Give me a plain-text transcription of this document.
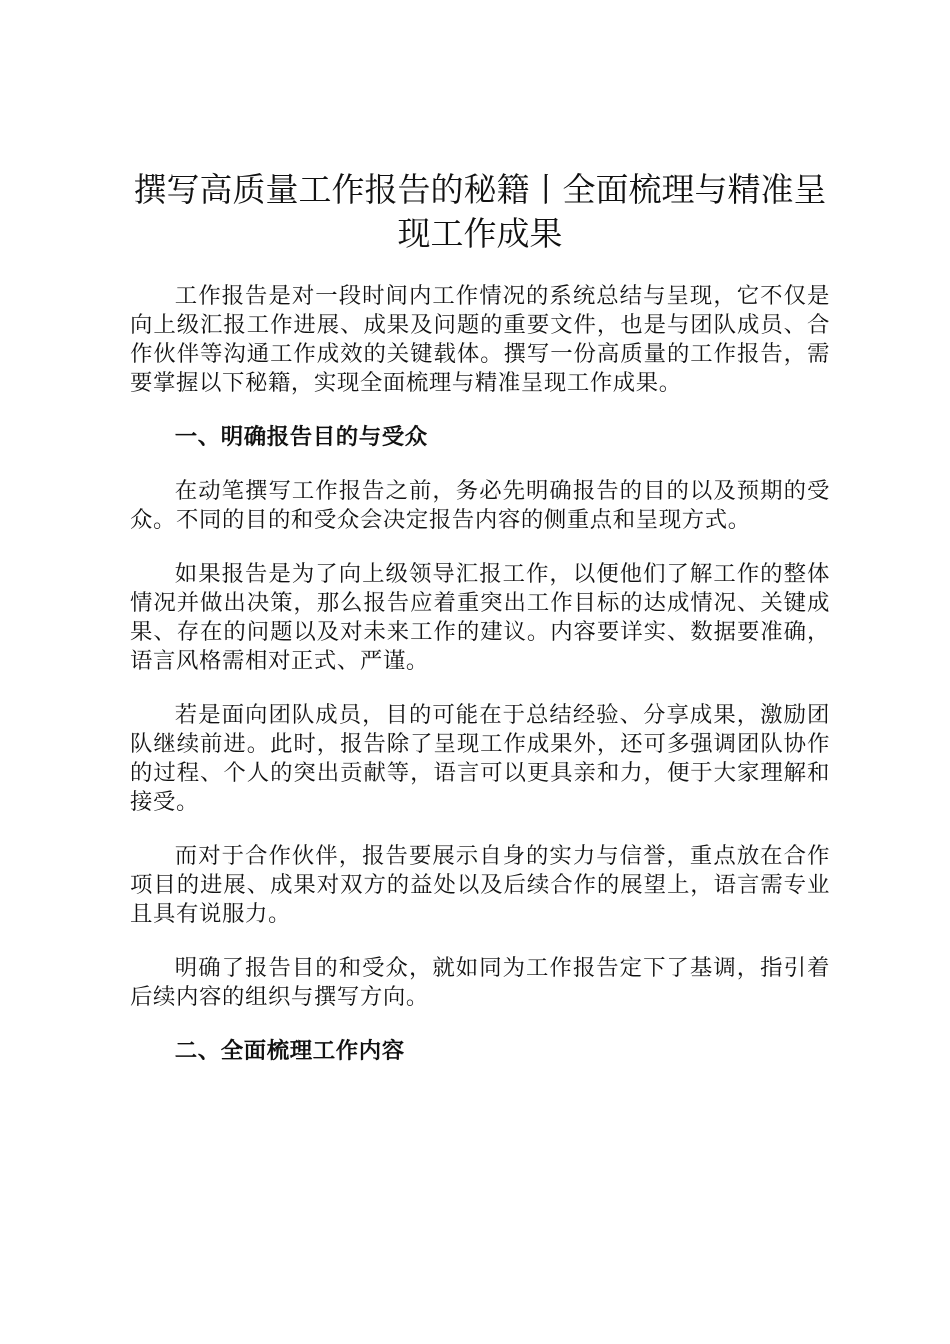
撰写高质量工作报告的秘籍丨全面梳理与精准呈现工作成果

工作报告是对一段时间内工作情况的系统总结与呈现，它不仅是向上级汇报工作进展、成果及问题的重要文件，也是与团队成员、合作伙伴等沟通工作成效的关键载体。撰写一份高质量的工作报告，需要掌握以下秘籍，实现全面梳理与精准呈现工作成果。

一、明确报告目的与受众

在动笔撰写工作报告之前，务必先明确报告的目的以及预期的受众。不同的目的和受众会决定报告内容的侧重点和呈现方式。

如果报告是为了向上级领导汇报工作，以便他们了解工作的整体情况并做出决策，那么报告应着重突出工作目标的达成情况、关键成果、存在的问题以及对未来工作的建议。内容要详实、数据要准确，语言风格需相对正式、严谨。

若是面向团队成员，目的可能在于总结经验、分享成果，激励团队继续前进。此时，报告除了呈现工作成果外，还可多强调团队协作的过程、个人的突出贡献等，语言可以更具亲和力，便于大家理解和接受。

而对于合作伙伴，报告要展示自身的实力与信誉，重点放在合作项目的进展、成果对双方的益处以及后续合作的展望上，语言需专业且具有说服力。

明确了报告目的和受众，就如同为工作报告定下了基调，指引着后续内容的组织与撰写方向。

二、全面梳理工作内容
